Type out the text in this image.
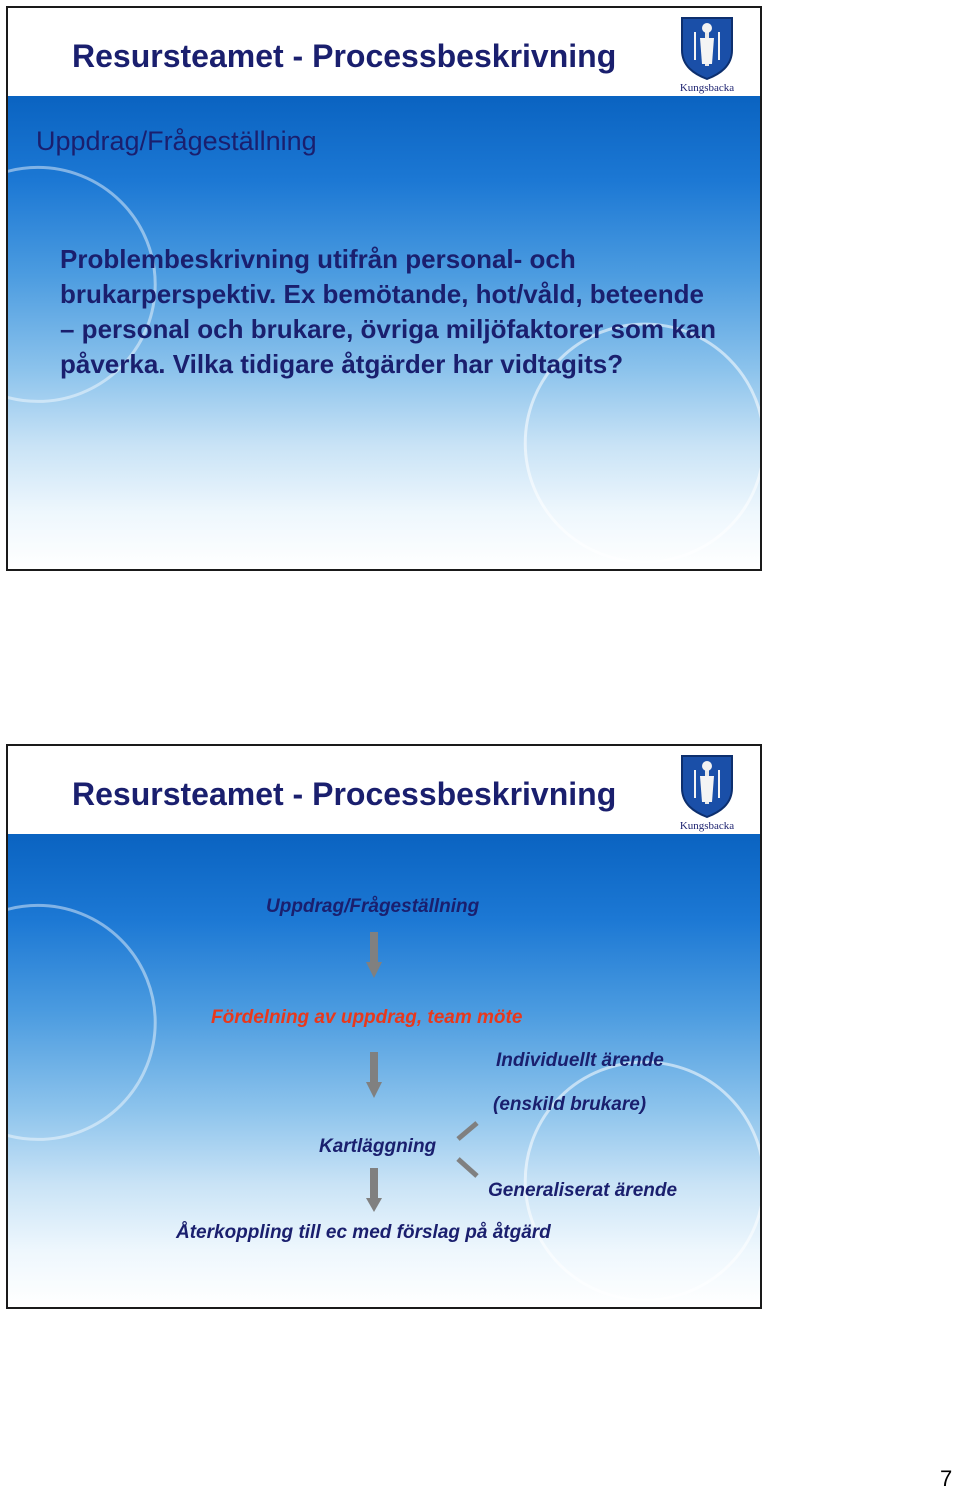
Resursteamet - Processbeskrivning
Kungsbacka
Uppdrag/Frågeställning
Problembeskrivning utifrån personal- och brukarperspektiv. Ex bemötande, hot/våld, beteende – personal och brukare, övriga miljöfaktorer som kan påverka. Vilka tidigare åtgärder har vidtagits?
Resursteamet - Processbeskrivning
Kungsbacka
Uppdrag/Frågeställning
Fördelning av uppdrag, team möte
Individuellt ärende
(enskild brukare)
Kartläggning
Generaliserat ärende
Återkoppling till ec med förslag på åtgärd
7
